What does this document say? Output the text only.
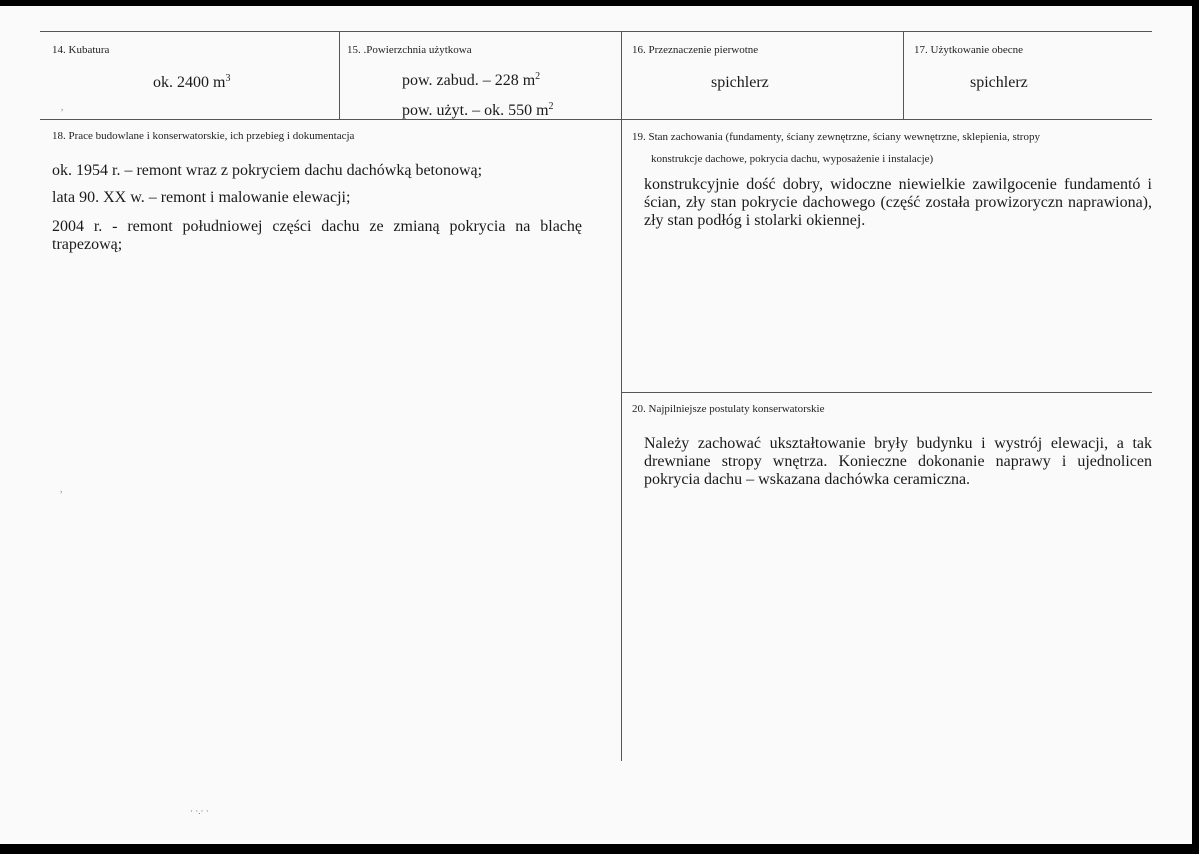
14. Kubatura
ok. 2400 $m^3$
15. .Powierzchnia użytkowa
pow. zabud. – 228 $m^2$
pow. użyt. – ok. 550 $m^2$
16. Przeznaczenie pierwotne
spichlerz
17. Użytkowanie obecne
spichlerz
18. Prace budowlane i konserwatorskie, ich przebieg i dokumentacja
ok. 1954 r. – remont wraz z pokryciem dachu dachówką betonową;
lata 90. XX w. – remont i malowanie elewacji;
2004 r. - remont południowej części dachu ze zmianą pokrycia na blachę trapezową;
19. Stan zachowania (fundamenty, ściany zewnętrzne, ściany wewnętrzne, sklepienia, stropy
konstrukcje dachowe, pokrycia dachu, wyposażenie i instalacje)
konstrukcyjnie dość dobry, widoczne niewielkie zawilgocenie fundamentó i ścian, zły stan pokrycie dachowego (część została prowizoryczn naprawiona), zły stan podłóg i stolarki okiennej.
20. Najpilniejsze postulaty konserwatorskie
Należy zachować ukształtowanie bryły budynku i wystrój elewacji, a tak drewniane stropy wnętrza. Konieczne dokonanie naprawy i ujednolicen pokrycia dachu – wskazana dachówka ceramiczna.
,
,
· ·.· ·
